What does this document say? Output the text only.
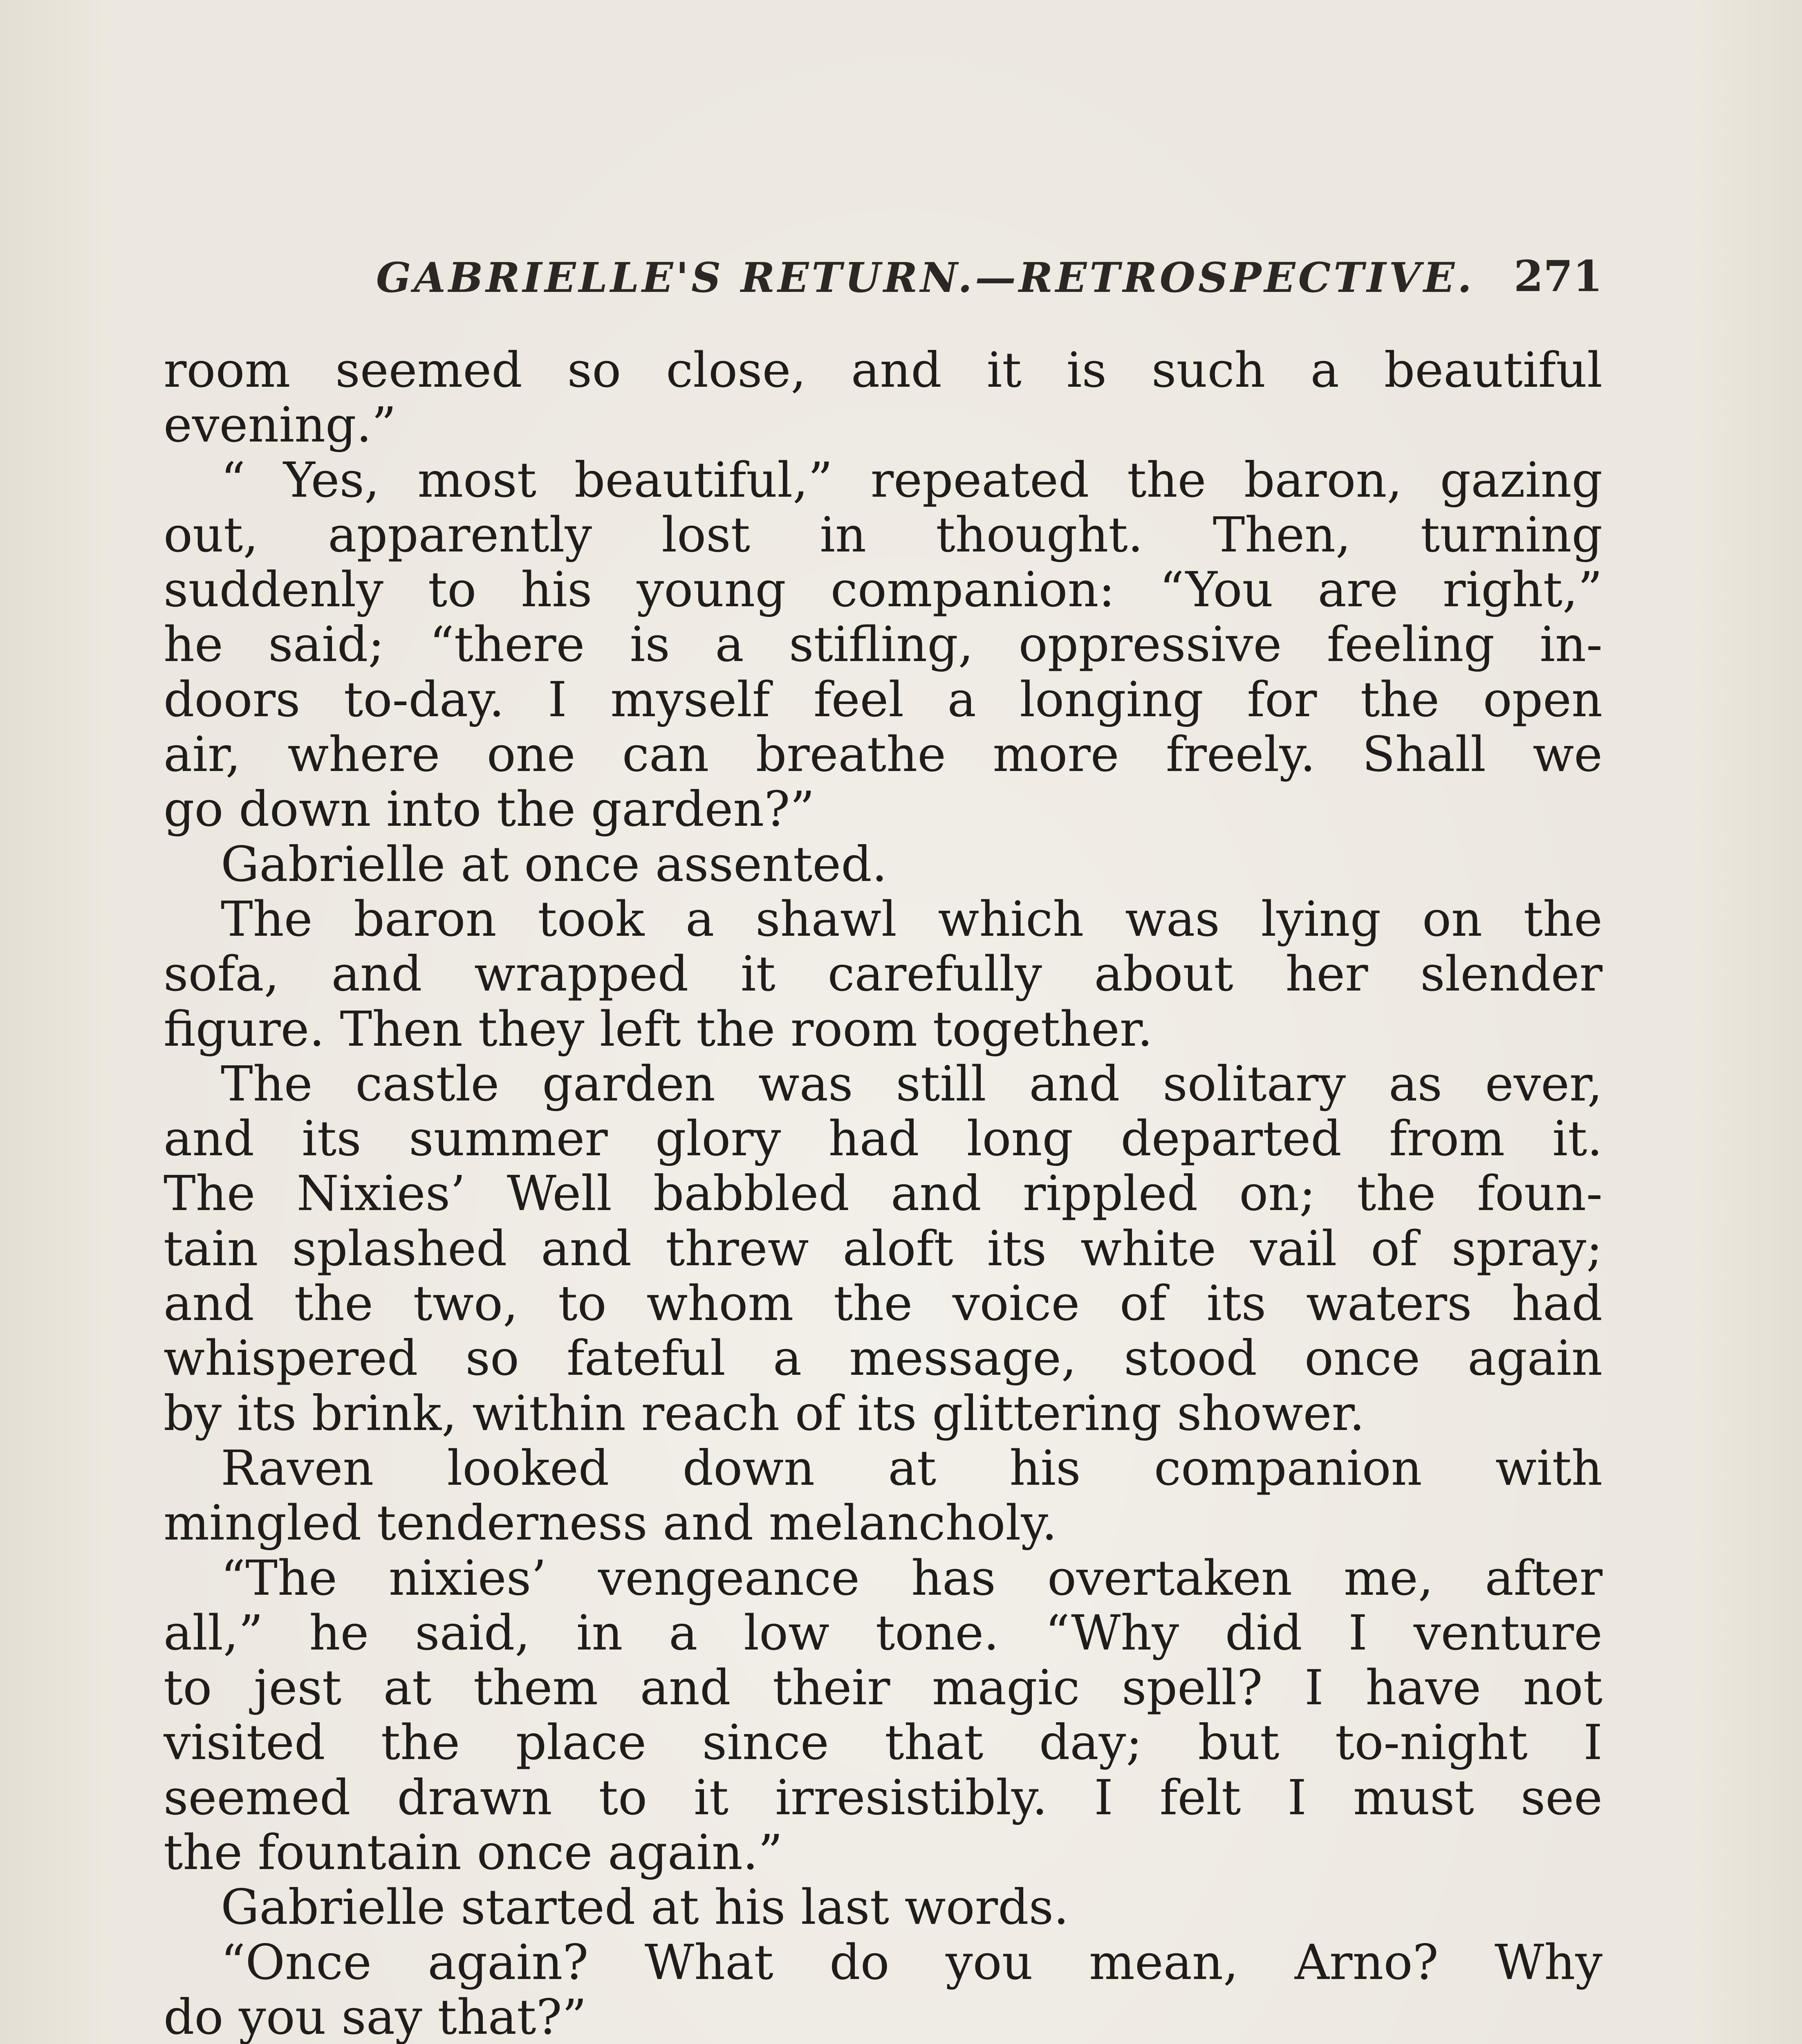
GABRIELLE'S RETURN.—RETROSPECTIVE. 271
room seemed so close, and it is such a beautiful
evening.”
“ Yes, most beautiful,” repeated the baron, gazing
out, apparently lost in thought. Then, turning
suddenly to his young companion: “You are right,”
he said; “there is a stifling, oppressive feeling in-
doors to-day. I myself feel a longing for the open
air, where one can breathe more freely. Shall we
go down into the garden?”
Gabrielle at once assented.
The baron took a shawl which was lying on the
sofa, and wrapped it carefully about her slender
figure. Then they left the room together.
The castle garden was still and solitary as ever,
and its summer glory had long departed from it.
The Nixies’ Well babbled and rippled on; the foun-
tain splashed and threw aloft its white vail of spray;
and the two, to whom the voice of its waters had
whispered so fateful a message, stood once again
by its brink, within reach of its glittering shower.
Raven looked down at his companion with
mingled tenderness and melancholy.
“The nixies’ vengeance has overtaken me, after
all,” he said, in a low tone. “Why did I venture
to jest at them and their magic spell? I have not
visited the place since that day; but to-night I
seemed drawn to it irresistibly. I felt I must see
the fountain once again.”
Gabrielle started at his last words.
“Once again? What do you mean, Arno? Why
do you say that?”
